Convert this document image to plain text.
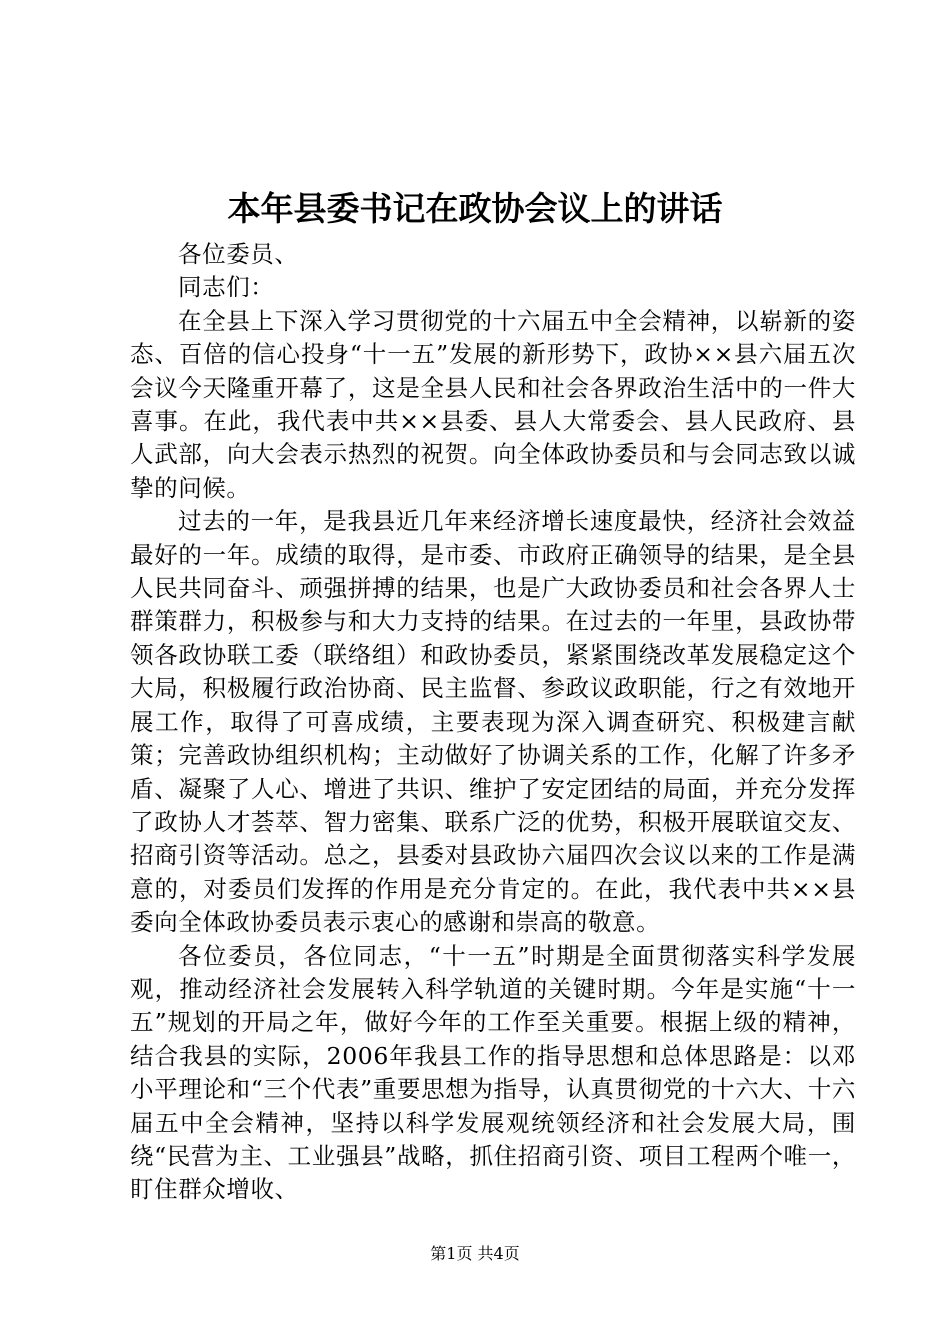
本年县委书记在政协会议上的讲话

各位委员、

同志们：

在全县上下深入学习贯彻党的十六届五中全会精神，以崭新的姿态、百倍的信心投身“十一五”发展的新形势下，政协××县六届五次会议今天隆重开幕了，这是全县人民和社会各界政治生活中的一件大喜事。在此，我代表中共××县委、县人大常委会、县人民政府、县人武部，向大会表示热烈的祝贺。向全体政协委员和与会同志致以诚挚的问候。

过去的一年，是我县近几年来经济增长速度最快，经济社会效益最好的一年。成绩的取得，是市委、市政府正确领导的结果，是全县人民共同奋斗、顽强拼搏的结果，也是广大政协委员和社会各界人士群策群力，积极参与和大力支持的结果。在过去的一年里，县政协带领各政协联工委（联络组）和政协委员，紧紧围绕改革发展稳定这个大局，积极履行政治协商、民主监督、参政议政职能，行之有效地开展工作，取得了可喜成绩，主要表现为深入调查研究、积极建言献策；完善政协组织机构；主动做好了协调关系的工作，化解了许多矛盾、凝聚了人心、增进了共识、维护了安定团结的局面，并充分发挥了政协人才荟萃、智力密集、联系广泛的优势，积极开展联谊交友、招商引资等活动。总之，县委对县政协六届四次会议以来的工作是满意的，对委员们发挥的作用是充分肯定的。在此，我代表中共××县委向全体政协委员表示衷心的感谢和崇高的敬意。

各位委员，各位同志，“十一五”时期是全面贯彻落实科学发展观，推动经济社会发展转入科学轨道的关键时期。今年是实施“十一五”规划的开局之年，做好今年的工作至关重要。根据上级的精神，结合我县的实际，2006年我县工作的指导思想和总体思路是：以邓小平理论和“三个代表”重要思想为指导，认真贯彻党的十六大、十六届五中全会精神，坚持以科学发展观统领经济和社会发展大局，围绕“民营为主、工业强县”战略，抓住招商引资、项目工程两个唯一，盯住群众增收、

第1页 共4页
